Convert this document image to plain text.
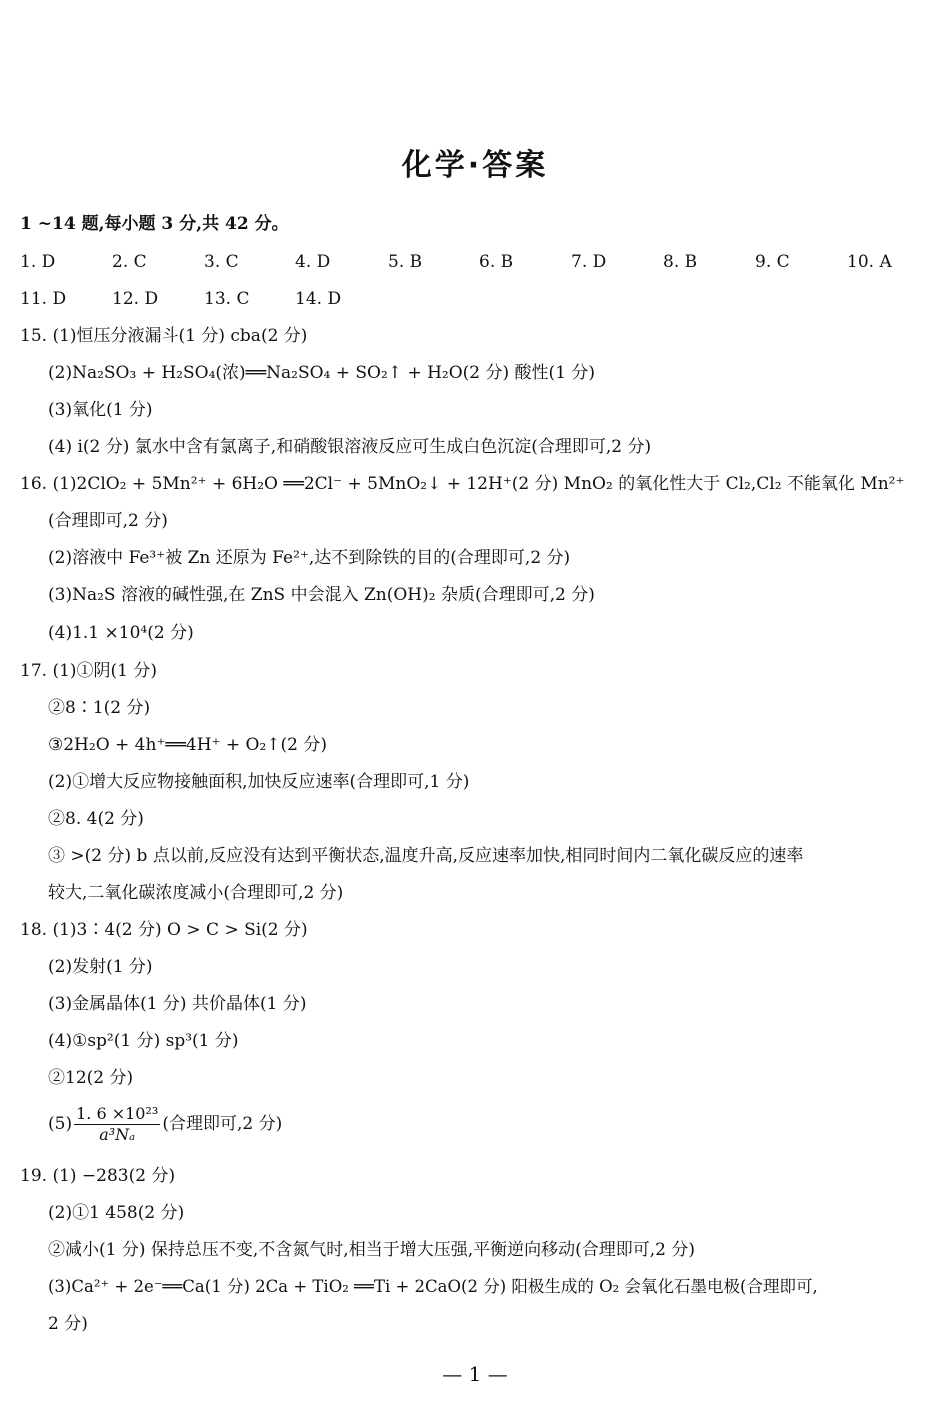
化学·答案
1 ~14 题,每小题 3 分,共 42 分。
1. D	2. C	3. C	4. D	5. B	6. B	7. D	8. B	9. C	10. A
11. D	12. D	13. C	14. D
15. (1)恒压分液漏斗(1 分) cba(2 分)
(2)Na₂SO₃ + H₂SO₄(浓)══Na₂SO₄ + SO₂↑ + H₂O(2 分) 酸性(1 分)
(3)氧化(1 分)
(4) ⅰ(2 分) 氯水中含有氯离子,和硝酸银溶液反应可生成白色沉淀(合理即可,2 分)
16. (1)2ClO₂ + 5Mn²⁺ + 6H₂O ══2Cl⁻ + 5MnO₂↓ + 12H⁺(2 分) MnO₂ 的氧化性大于 Cl₂,Cl₂ 不能氧化 Mn²⁺
(合理即可,2 分)
(2)溶液中 Fe³⁺被 Zn 还原为 Fe²⁺,达不到除铁的目的(合理即可,2 分)
(3)Na₂S 溶液的碱性强,在 ZnS 中会混入 Zn(OH)₂ 杂质(合理即可,2 分)
(4)1.1 ×10⁴(2 分)
17. (1)①阴(1 分)
②8∶1(2 分)
③2H₂O + 4h⁺══4H⁺ + O₂↑(2 分)
(2)①增大反应物接触面积,加快反应速率(合理即可,1 分)
②8. 4(2 分)
③ >(2 分) b 点以前,反应没有达到平衡状态,温度升高,反应速率加快,相同时间内二氧化碳反应的速率
较大,二氧化碳浓度减小(合理即可,2 分)
18. (1)3∶4(2 分) O > C > Si(2 分)
(2)发射(1 分)
(3)金属晶体(1 分) 共价晶体(1 分)
(4)①sp²(1 分) sp³(1 分)
②12(2 分)
$(5) \frac{\text{1. 6 ×10²³}}{\text{a³Nₐ}}$ (合理即可,2 分)
19. (1) −283(2 分)
(2)①1 458(2 分)
②减小(1 分) 保持总压不变,不含氮气时,相当于增大压强,平衡逆向移动(合理即可,2 分)
(3)Ca²⁺ + 2e⁻══Ca(1 分) 2Ca + TiO₂ ══Ti + 2CaO(2 分) 阳极生成的 O₂ 会氧化石墨电极(合理即可,
2 分)
— 1 —
